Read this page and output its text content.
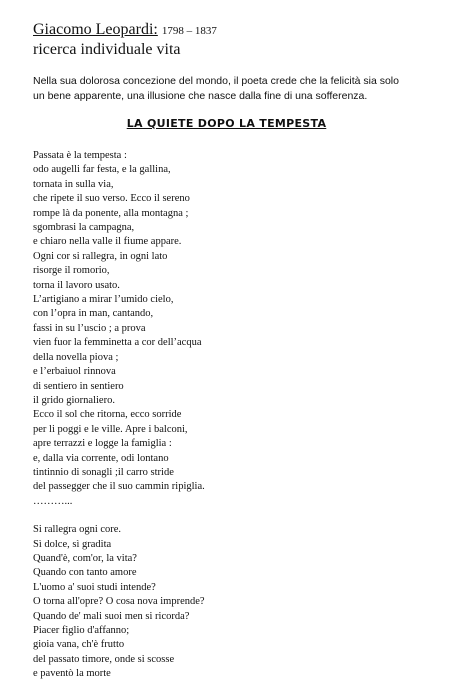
Giacomo Leopardi: 1798 – 1837
ricerca individuale vita
Nella sua dolorosa concezione del mondo, il poeta crede che la felicità sia solo un bene apparente, una illusione che nasce dalla fine di una sofferenza.
LA QUIETE DOPO LA TEMPESTA
Passata è la tempesta :
odo augelli far festa, e la gallina,
tornata in sulla via,
che ripete il suo verso. Ecco il sereno
rompe là da ponente, alla montagna ;
sgombrasi la campagna,
e chiaro nella valle il fiume appare.
Ogni cor si rallegra, in ogni lato
risorge il romorio,
torna il lavoro usato.
L’artigiano a mirar l’umido cielo,
con l’opra in man, cantando,
fassi in su l’uscio ; a prova
vien fuor la femminetta a cor dell’acqua
della novella piova ;
e l’erbaiuol rinnova
di sentiero in sentiero
il grido giornaliero.
Ecco il sol che ritorna, ecco sorride
per li poggi e le ville. Apre i balconi,
apre terrazzi e logge la famiglia :
e, dalla via corrente, odi lontano
tintinnio di sonagli ;il carro stride
del passegger che il suo cammin ripiglia.
………...
Si rallegra ogni core.
Sì dolce, sì gradita
Quand'è, com'or, la vita?
Quando con tanto amore
L'uomo a' suoi studi intende?
O torna all'opre? O cosa nova imprende?
Quando de' mali suoi men si ricorda?
Piacer figlio d'affanno;
gioia vana, ch'è frutto
del passato timore, onde si scosse
e paventò la morte
